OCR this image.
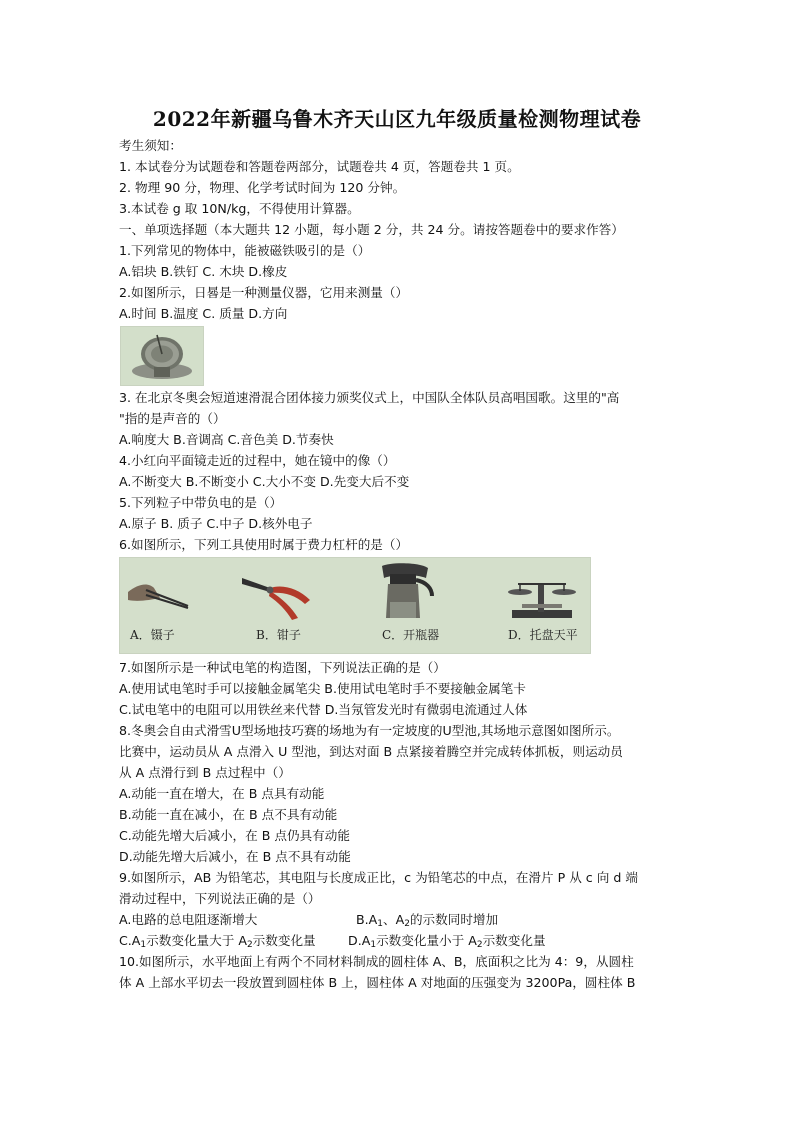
2022年新疆乌鲁木齐天山区九年级质量检测物理试卷
考生须知：
1. 本试卷分为试题卷和答题卷两部分，试题卷共 4 页，答题卷共 1 页。
2. 物理 90 分，物理、化学考试时间为 120 分钟。
3.本试卷 g 取 10N/kg，不得使用计算器。
一、单项选择题（本大题共 12 小题，每小题 2 分，共 24 分。请按答题卷中的要求作答）
1.下列常见的物体中，能被磁铁吸引的是（）
A.铝块 B.铁钉 C. 木块 D.橡皮
2.如图所示，日晷是一种测量仪器，它用来测量（）
A.时间 B.温度 C. 质量 D.方向
3. 在北京冬奥会短道速滑混合团体接力颁奖仪式上，中国队全体队员高唱国歌。这里的"高
"指的是声音的（）
A.响度大 B.音调高 C.音色美 D.节奏快
4.小红向平面镜走近的过程中，她在镜中的像（）
A.不断变大 B.不断变小 C.大小不变 D.先变大后不变
5.下列粒子中带负电的是（）
A.原子 B. 质子 C.中子 D.核外电子
6.如图所示，下列工具使用时属于费力杠杆的是（）
A．镊子	B．钳子	C．开瓶器	D．托盘天平
7.如图所示是一种试电笔的构造图，下列说法正确的是（）
A.使用试电笔时手可以接触金属笔尖 B.使用试电笔时手不要接触金属笔卡
C.试电笔中的电阻可以用铁丝来代替 D.当氖管发光时有微弱电流通过人体
8.冬奥会自由式滑雪U型场地技巧赛的场地为有一定坡度的U型池,其场地示意图如图所示。
比赛中，运动员从 A 点滑入 U 型池，到达对面 B 点紧接着腾空并完成转体抓板，则运动员
从 A 点滑行到 B 点过程中（）
A.动能一直在增大，在 B 点具有动能
B.动能一直在减小，在 B 点不具有动能
C.动能先增大后减小，在 B 点仍具有动能
D.动能先增大后减小，在 B 点不具有动能
9.如图所示，AB 为铅笔芯，其电阻与长度成正比，c 为铅笔芯的中点，在滑片 P 从 c 向 d 端
滑动过程中，下列说法正确的是（）
A.电路的总电阻逐渐增大	$B.A_1$、$A_2$的示数同时增加
$C.A_1$示数变化量大于 $A_2$示数变化量	$D.A_1$示数变化量小于 $A_2$示数变化量
10.如图所示，水平地面上有两个不同材料制成的圆柱体 A、B，底面积之比为 4：9，从圆柱
体 A 上部水平切去一段放置到圆柱体 B 上，圆柱体 A 对地面的压强变为 3200Pa，圆柱体 B
